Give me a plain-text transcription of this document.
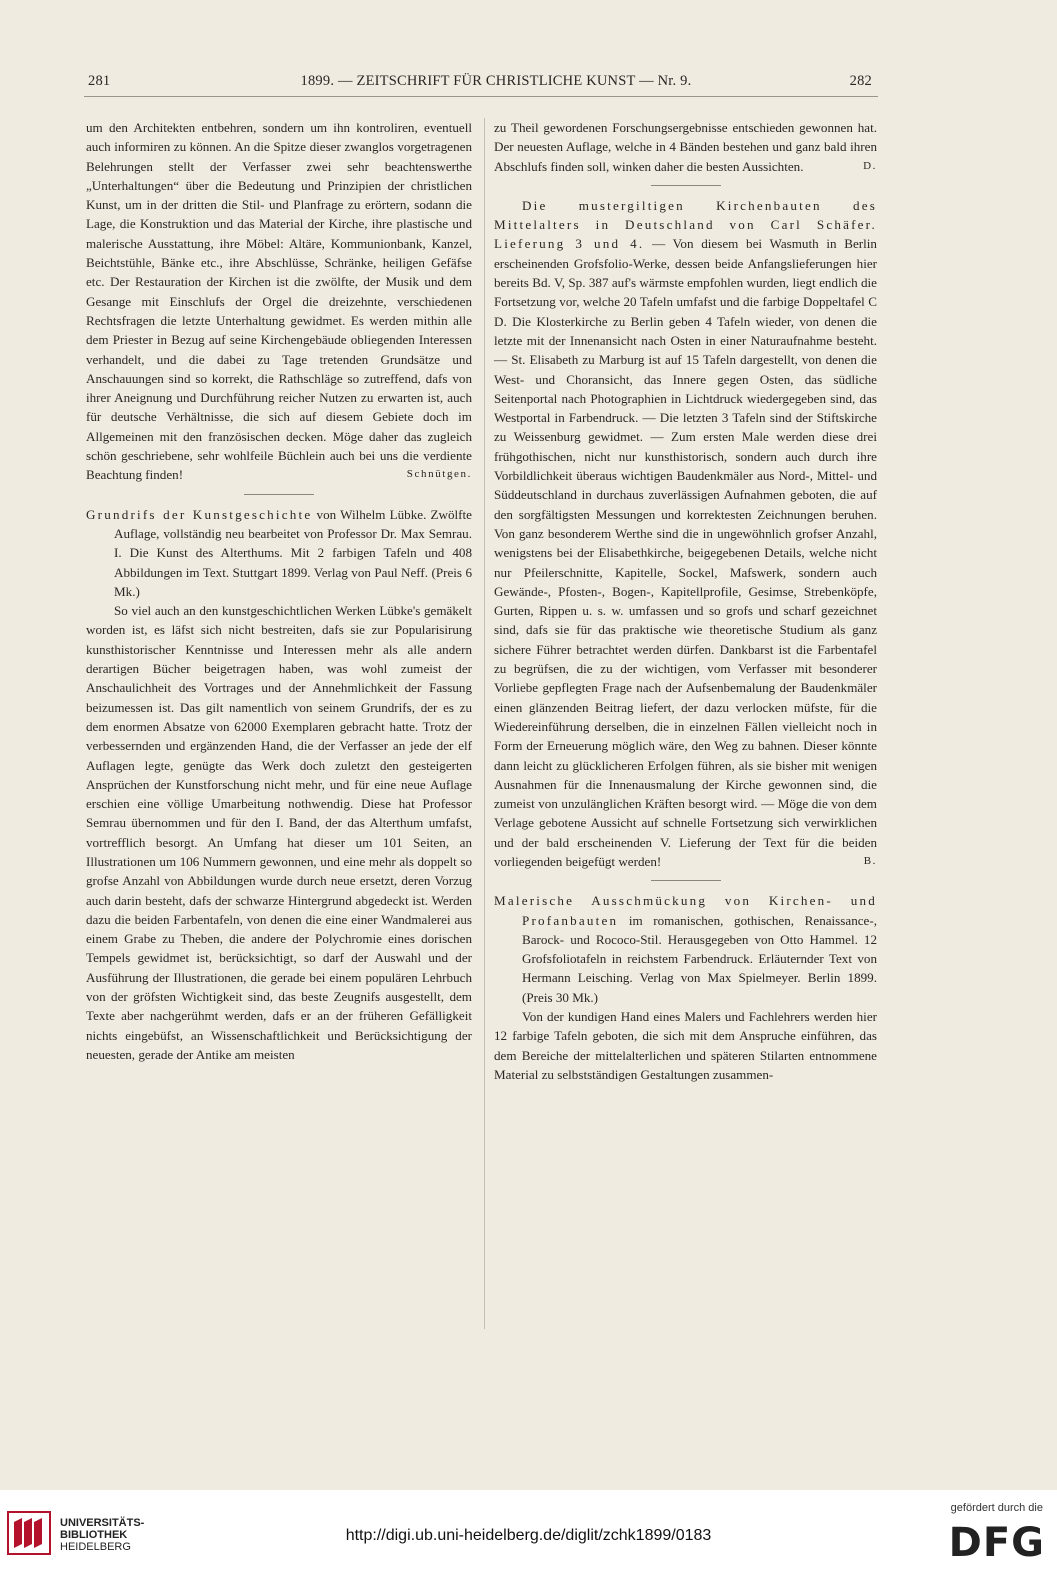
281	1899. — ZEITSCHRIFT FÜR CHRISTLICHE KUNST — Nr. 9.	282

um den Architekten entbehren, sondern um ihn kontroliren, eventuell auch informiren zu können. An die Spitze dieser zwanglos vorgetragenen Belehrungen stellt der Verfasser zwei sehr beachtenswerthe „Unterhaltungen“ über die Bedeutung und Prinzipien der christlichen Kunst, um in der dritten die Stil- und Planfrage zu erörtern, sodann die Lage, die Konstruktion und das Material der Kirche, ihre plastische und malerische Ausstattung, ihre Möbel: Altäre, Kommunionbank, Kanzel, Beichtstühle, Bänke etc., ihre Abschlüsse, Schränke, heiligen Gefäfse etc. Der Restauration der Kirchen ist die zwölfte, der Musik und dem Gesange mit Einschlufs der Orgel die dreizehnte, verschiedenen Rechtsfragen die letzte Unterhaltung gewidmet. Es werden mithin alle dem Priester in Bezug auf seine Kirchengebäude obliegenden Interessen verhandelt, und die dabei zu Tage tretenden Grundsätze und Anschauungen sind so korrekt, die Rathschläge so zutreffend, dafs von ihrer Aneignung und Durchführung reicher Nutzen zu erwarten ist, auch für deutsche Verhältnisse, die sich auf diesem Gebiete doch im Allgemeinen mit den französischen decken. Möge daher das zugleich schön geschriebene, sehr wohlfeile Büchlein auch bei uns die verdiente Beachtung finden!	Schnütgen.

Grundrifs der Kunstgeschichte von Wilhelm Lübke. Zwölfte Auflage, vollständig neu bearbeitet von Professor Dr. Max Semrau. I. Die Kunst des Alterthums. Mit 2 farbigen Tafeln und 408 Abbildungen im Text. Stuttgart 1899. Verlag von Paul Neff. (Preis 6 Mk.)

So viel auch an den kunstgeschichtlichen Werken Lübke's gemäkelt worden ist, es läfst sich nicht bestreiten, dafs sie zur Popularisirung kunsthistorischer Kenntnisse und Interessen mehr als alle andern derartigen Bücher beigetragen haben, was wohl zumeist der Anschaulichheit des Vortrages und der Annehmlichkeit der Fassung beizumessen ist. Das gilt namentlich von seinem Grundrifs, der es zu dem enormen Absatze von 62000 Exemplaren gebracht hatte. Trotz der verbessernden und ergänzenden Hand, die der Verfasser an jede der elf Auflagen legte, genügte das Werk doch zuletzt den gesteigerten Ansprüchen der Kunstforschung nicht mehr, und für eine neue Auflage erschien eine völlige Umarbeitung nothwendig. Diese hat Professor Semrau übernommen und für den I. Band, der das Alterthum umfafst, vortrefflich besorgt. An Umfang hat dieser um 101 Seiten, an Illustrationen um 106 Nummern gewonnen, und eine mehr als doppelt so grofse Anzahl von Abbildungen wurde durch neue ersetzt, deren Vorzug auch darin besteht, dafs der schwarze Hintergrund abgedeckt ist. Werden dazu die beiden Farbentafeln, von denen die eine einer Wandmalerei aus einem Grabe zu Theben, die andere der Polychromie eines dorischen Tempels gewidmet ist, berücksichtigt, so darf der Auswahl und der Ausführung der Illustrationen, die gerade bei einem populären Lehrbuch von der gröfsten Wichtigkeit sind, das beste Zeugnifs ausgestellt, dem Texte aber nachgerühmt werden, dafs er an der früheren Gefälligkeit nichts eingebüfst, an Wissenschaftlichkeit und Berücksichtigung der neuesten, gerade der Antike am meisten

zu Theil gewordenen Forschungsergebnisse entschieden gewonnen hat. Der neuesten Auflage, welche in 4 Bänden bestehen und ganz bald ihren Abschlufs finden soll, winken daher die besten Aussichten.	D.

Die mustergiltigen Kirchenbauten des Mittelalters in Deutschland von Carl Schäfer. Lieferung 3 und 4. — Von diesem bei Wasmuth in Berlin erscheinenden Grofsfolio-Werke, dessen beide Anfangslieferungen hier bereits Bd. V, Sp. 387 auf's wärmste empfohlen wurden, liegt endlich die Fortsetzung vor, welche 20 Tafeln umfafst und die farbige Doppeltafel C D. Die Klosterkirche zu Berlin geben 4 Tafeln wieder, von denen die letzte mit der Innenansicht nach Osten in einer Naturaufnahme besteht. — St. Elisabeth zu Marburg ist auf 15 Tafeln dargestellt, von denen die West- und Choransicht, das Innere gegen Osten, das südliche Seitenportal nach Photographien in Lichtdruck wiedergegeben sind, das Westportal in Farbendruck. — Die letzten 3 Tafeln sind der Stiftskirche zu Weissenburg gewidmet. — Zum ersten Male werden diese drei frühgothischen, nicht nur kunsthistorisch, sondern auch durch ihre Vorbildlichkeit überaus wichtigen Baudenkmäler aus Nord-, Mittel- und Süddeutschland in durchaus zuverlässigen Aufnahmen geboten, die auf den sorgfältigsten Messungen und korrektesten Zeichnungen beruhen. Von ganz besonderem Werthe sind die in ungewöhnlich grofser Anzahl, wenigstens bei der Elisabethkirche, beigegebenen Details, welche nicht nur Pfeilerschnitte, Kapitelle, Sockel, Mafswerk, sondern auch Gewände-, Pfosten-, Bogen-, Kapitellprofile, Gesimse, Strebenköpfe, Gurten, Rippen u. s. w. umfassen und so grofs und scharf gezeichnet sind, dafs sie für das praktische wie theoretische Studium als ganz sichere Führer betrachtet werden dürfen. Dankbarst ist die Farbentafel zu begrüfsen, die zu der wichtigen, vom Verfasser mit besonderer Vorliebe gepflegten Frage nach der Aufsenbemalung der Baudenkmäler einen glänzenden Beitrag liefert, der dazu verlocken müfste, für die Wiedereinführung derselben, die in einzelnen Fällen vielleicht noch in Form der Erneuerung möglich wäre, den Weg zu bahnen. Dieser könnte dann leicht zu glücklicheren Erfolgen führen, als sie bisher mit wenigen Ausnahmen für die Innenausmalung der Kirche gewonnen sind, die zumeist von unzulänglichen Kräften besorgt wird. — Möge die von dem Verlage gebotene Aussicht auf schnelle Fortsetzung sich verwirklichen und der bald erscheinenden V. Lieferung der Text für die beiden vorliegenden beigefügt werden!	B.

Malerische Ausschmückung von Kirchen- und Profanbauten im romanischen, gothischen, Renaissance-, Barock- und Rococo-Stil. Herausgegeben von Otto Hammel. 12 Grofsfoliotafeln in reichstem Farbendruck. Erläuternder Text von Hermann Leisching. Verlag von Max Spielmeyer. Berlin 1899. (Preis 30 Mk.)

Von der kundigen Hand eines Malers und Fachlehrers werden hier 12 farbige Tafeln geboten, die sich mit dem Anspruche einführen, das dem Bereiche der mittelalterlichen und späteren Stilarten entnommene Material zu selbstständigen Gestaltungen zusammen-

UNIVERSITÄTS-
BIBLIOTHEK
HEIDELBERG
http://digi.ub.uni-heidelberg.de/diglit/zchk1899/0183
gefördert durch die
DFG
